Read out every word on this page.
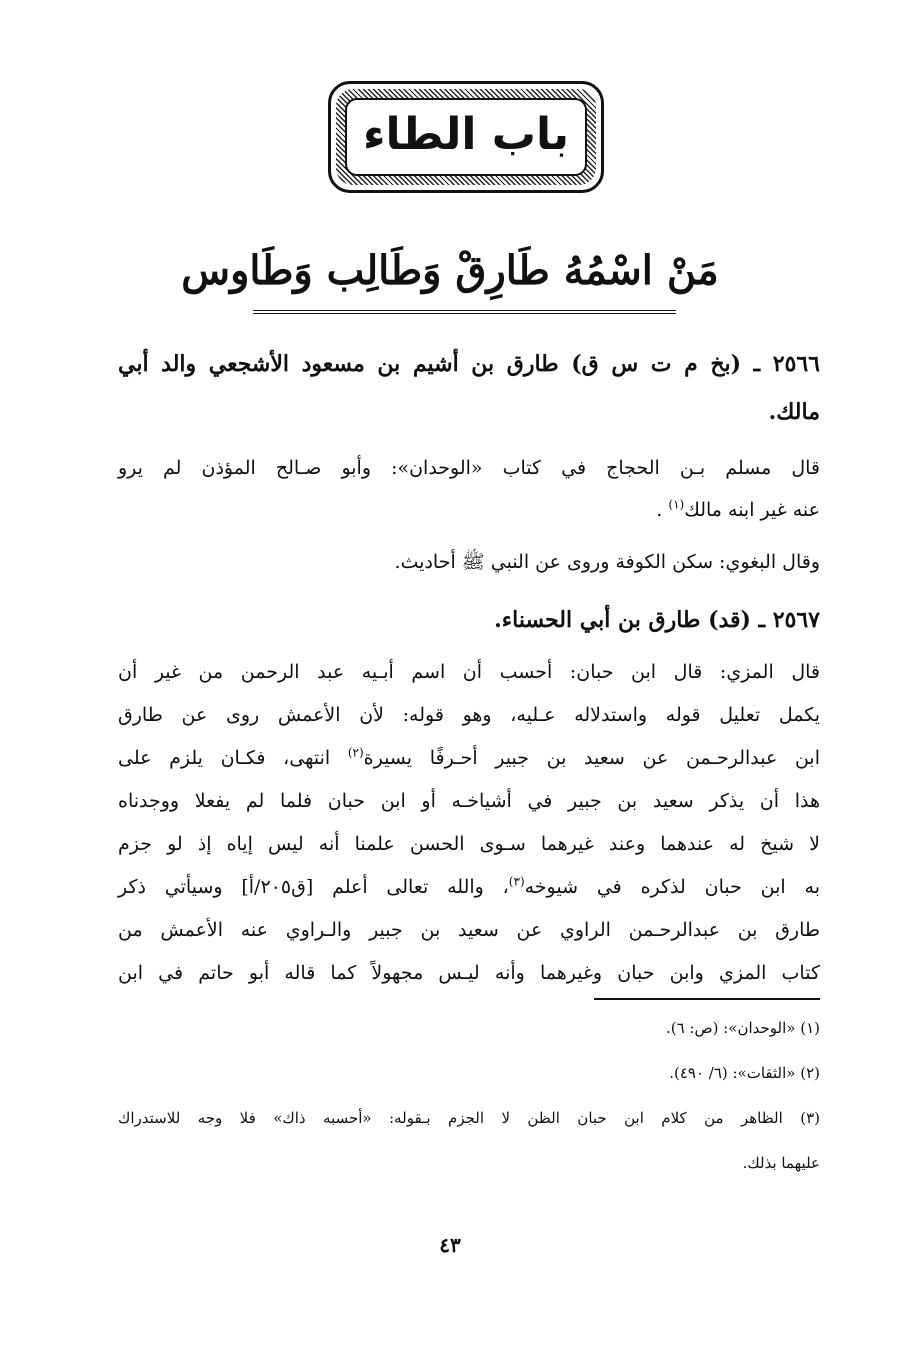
باب الطاء
مَنْ اسْمُهُ طَارِقْ وَطَالِب وَطَاوس
٢٥٦٦ ـ (بخ م ت س ق) طارق بن أشيم بن مسعود الأشجعي والد أبي
مالك.
قال مسلم بـن الحجاج في كتاب «الوحدان»: وأبو صـالح المؤذن لم يرو
عنه غير ابنه مالك$^{(١)}$ .
وقال البغوي: سكن الكوفة وروى عن النبي ﷺ أحاديث.
٢٥٦٧ ـ (قد) طارق بن أبي الحسناء.
قال المزي: قال ابن حبان: أحسب أن اسم أبـيه عبد الرحمن من غير أن
يكمل تعليل قوله واستدلاله عـليه، وهو قوله: لأن الأعمش روى عن طارق
ابن عبدالرحـمن عن سعيد بن جبير أحـرفًا يسيرة$^{(٢)}$ انتهى، فكـان يلزم على
هذا أن يذكر سعيد بن جبير في أشياخـه أو ابن حبان فلما لم يفعلا ووجدناه
لا شيخ له عندهما وعند غيرهما سـوى الحسن علمنا أنه ليس إياه إذ لو جزم
به ابن حبان لذكره في شيوخه$^{(٣)}$، والله تعالى أعلم [ق٢٠٥/أ] وسيأتي ذكر
طارق بن عبدالرحـمن الراوي عن سعيد بن جبير والـراوي عنه الأعمش من
كتاب المزي وابن حبان وغيرهما وأنه ليـس مجهولاً كما قاله أبو حاتم في ابن
(١) «الوحدان»: (ص: ٦).
(٢) «الثقات»: (٦/ ٤٩٠).
(٣) الظاهر من كلام ابن حبان الظن لا الجزم بـقوله: «أحسبه ذاك» فلا وجه للاستدراك
عليهما بذلك.
٤٣
